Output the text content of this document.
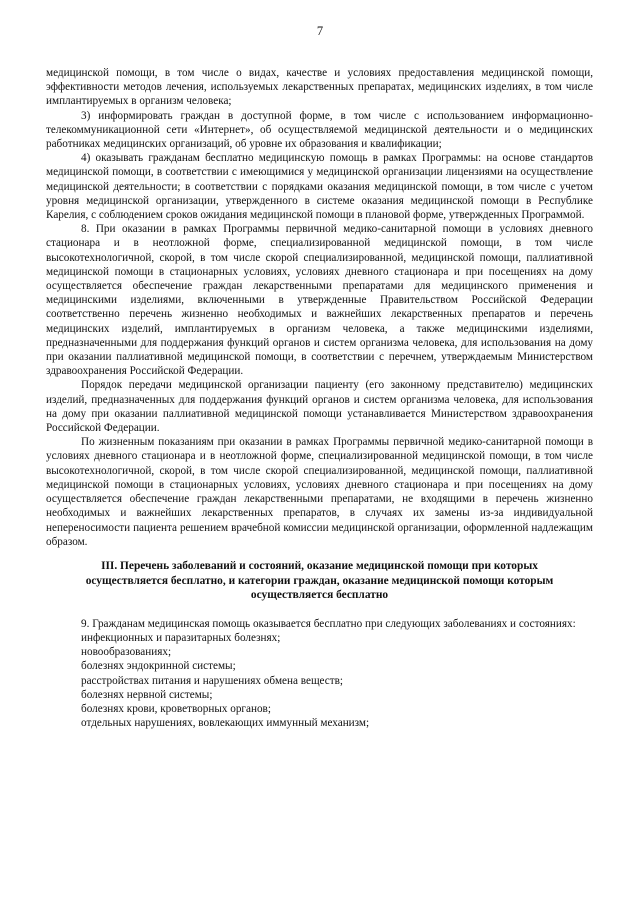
7

медицинской помощи, в том числе о видах, качестве и условиях предоставления медицинской помощи, эффективности методов лечения, используемых лекарственных препаратах, медицинских изделиях, в том числе имплантируемых в организм человека;

3) информировать граждан в доступной форме, в том числе с использованием информационно-телекоммуникационной сети «Интернет», об осуществляемой медицинской деятельности и о медицинских работниках медицинских организаций, об уровне их образования и квалификации;

4) оказывать гражданам бесплатно медицинскую помощь в рамках Программы: на основе стандартов медицинской помощи, в соответствии с имеющимися у медицинской организации лицензиями на осуществление медицинской деятельности; в соответствии с порядками оказания медицинской помощи, в том числе с учетом уровня медицинской организации, утвержденного в системе оказания медицинской помощи в Республике Карелия, с соблюдением сроков ожидания медицинской помощи в плановой форме, утвержденных Программой.

8. При оказании в рамках Программы первичной медико-санитарной помощи в условиях дневного стационара и в неотложной форме, специализированной медицинской помощи, в том числе высокотехнологичной, скорой, в том числе скорой специализированной, медицинской помощи, паллиативной медицинской помощи в стационарных условиях, условиях дневного стационара и при посещениях на дому осуществляется обеспечение граждан лекарственными препаратами для медицинского применения и медицинскими изделиями, включенными в утвержденные Правительством Российской Федерации соответственно перечень жизненно необходимых и важнейших лекарственных препаратов и перечень медицинских изделий, имплантируемых в организм человека, а также медицинскими изделиями, предназначенными для поддержания функций органов и систем организма человека, для использования на дому при оказании паллиативной медицинской помощи, в соответствии с перечнем, утверждаемым Министерством здравоохранения Российской Федерации.

Порядок передачи медицинской организации пациенту (его законному представителю) медицинских изделий, предназначенных для поддержания функций органов и систем организма человека, для использования на дому при оказании паллиативной медицинской помощи устанавливается Министерством здравоохранения Российской Федерации.

По жизненным показаниям при оказании в рамках Программы первичной медико-санитарной помощи в условиях дневного стационара и в неотложной форме, специализированной медицинской помощи, в том числе высокотехнологичной, скорой, в том числе скорой специализированной, медицинской помощи, паллиативной медицинской помощи в стационарных условиях, условиях дневного стационара и при посещениях на дому осуществляется обеспечение граждан лекарственными препаратами, не входящими в перечень жизненно необходимых и важнейших лекарственных препаратов, в случаях их замены из-за индивидуальной непереносимости пациента решением врачебной комиссии медицинской организации, оформленной надлежащим образом.

III. Перечень заболеваний и состояний, оказание медицинской помощи при которых осуществляется бесплатно, и категории граждан, оказание медицинской помощи которым осуществляется бесплатно

9. Гражданам медицинская помощь оказывается бесплатно при следующих заболеваниях и состояниях:

инфекционных и паразитарных болезнях;
новообразованиях;
болезнях эндокринной системы;
расстройствах питания и нарушениях обмена веществ;
болезнях нервной системы;
болезнях крови, кроветворных органов;
отдельных нарушениях, вовлекающих иммунный механизм;
